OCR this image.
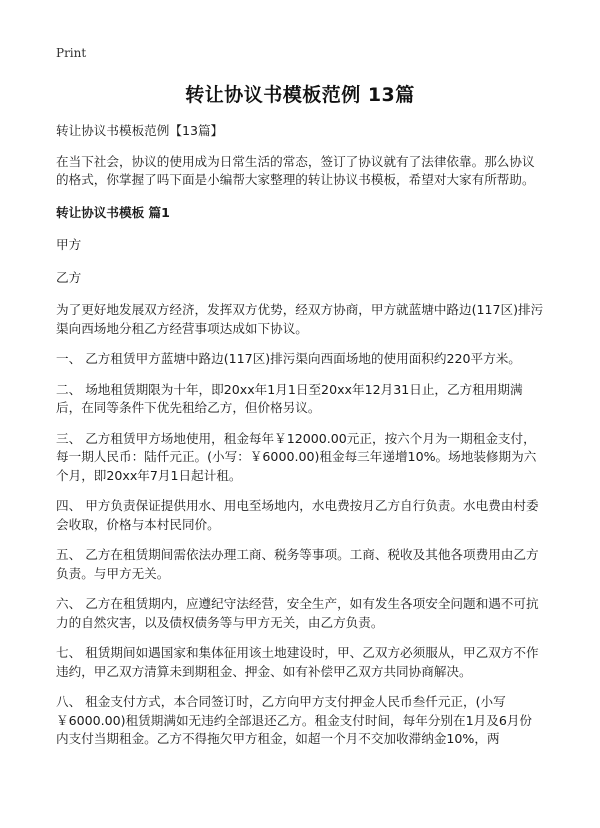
Print
转让协议书模板范例 13篇

转让协议书模板范例【13篇】

在当下社会，协议的使用成为日常生活的常态，签订了协议就有了法律依靠。那么协议的格式，你掌握了吗下面是小编帮大家整理的转让协议书模板，希望对大家有所帮助。

转让协议书模板 篇1

甲方

乙方

为了更好地发展双方经济，发挥双方优势，经双方协商，甲方就蓝塘中路边(117区)排污渠向西场地分租乙方经营事项达成如下协议。

一、 乙方租赁甲方蓝塘中路边(117区)排污渠向西面场地的使用面积约220平方米。

二、 场地租赁期限为十年，即20xx年1月1日至20xx年12月31日止，乙方租用期满后，在同等条件下优先租给乙方，但价格另议。

三、 乙方租赁甲方场地使用，租金每年￥12000.00元正，按六个月为一期租金支付，每一期人民币：陆仟元正。(小写：￥6000.00)租金每三年递增10%。场地装修期为六个月，即20xx年7月1日起计租。

四、 甲方负责保证提供用水、用电至场地内，水电费按月乙方自行负责。水电费由村委会收取，价格与本村民同价。

五、 乙方在租赁期间需依法办理工商、税务等事项。工商、税收及其他各项费用由乙方负责。与甲方无关。

六、 乙方在租赁期内，应遵纪守法经营，安全生产，如有发生各项安全问题和遇不可抗力的自然灾害，以及债权债务等与甲方无关，由乙方负责。

七、 租赁期间如遇国家和集体征用该土地建设时，甲、乙双方必须服从，甲乙双方不作违约，甲乙双方清算未到期租金、押金、如有补偿甲乙双方共同协商解决。

八、 租金支付方式，本合同签订时，乙方向甲方支付押金人民币叁仟元正，(小写￥6000.00)租赁期满如无违约全部退还乙方。租金支付时间，每年分别在1月及6月份内支付当期租金。乙方不得拖欠甲方租金，如超一个月不交加收滞纳金10%，两
